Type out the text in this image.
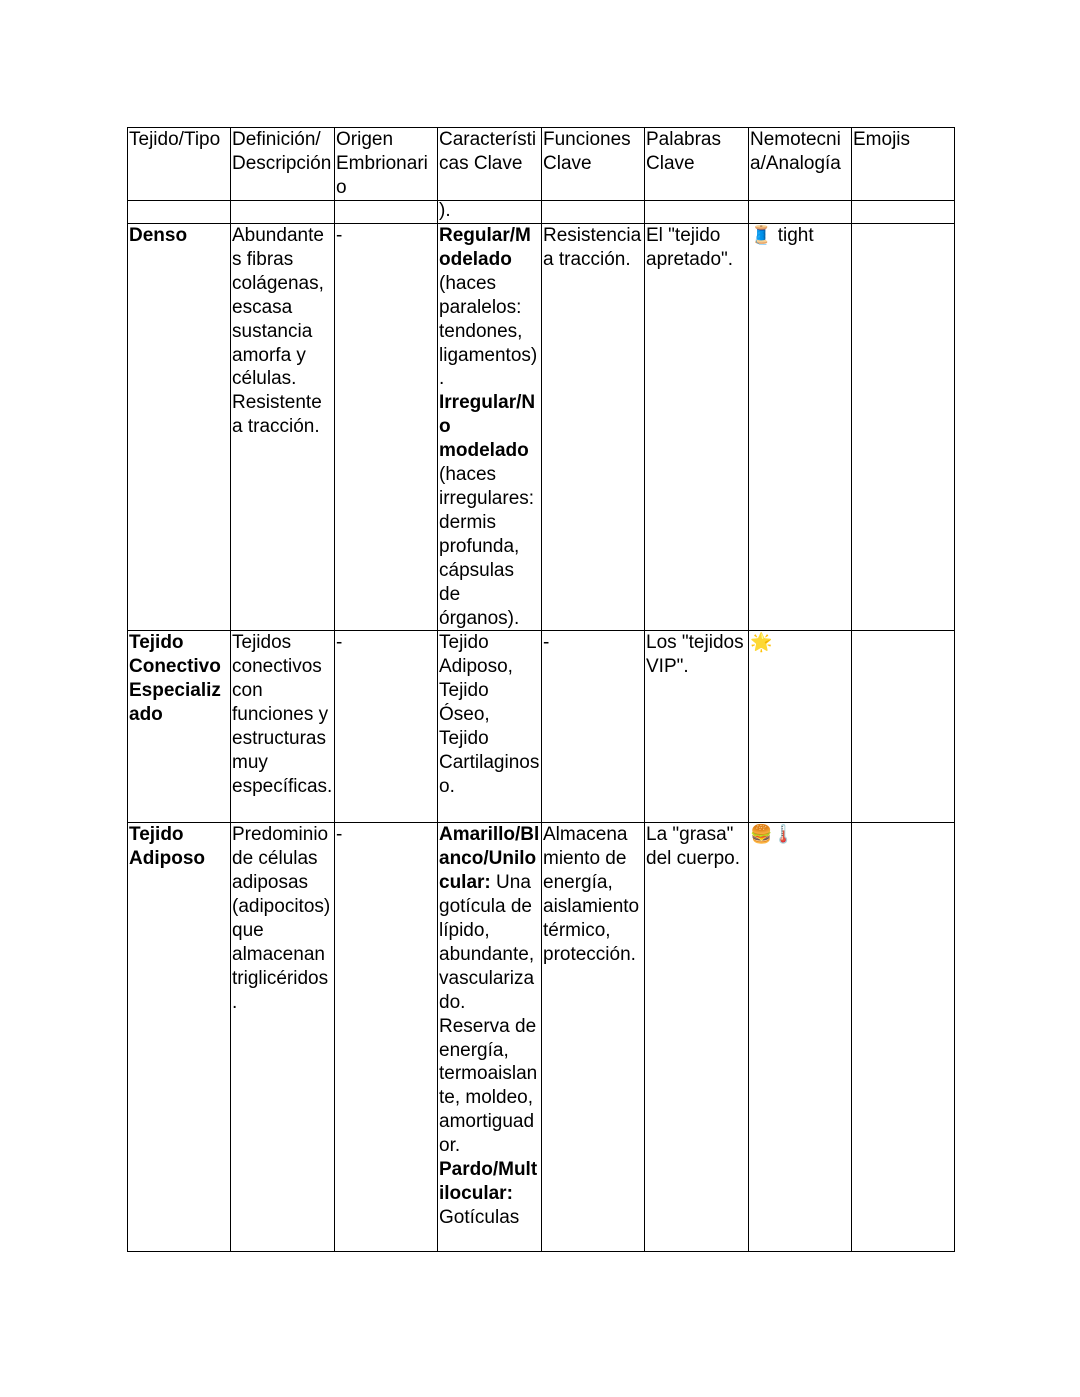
Tejido/Tipo	Definición/ Descripción	Origen Embrionario	Características Clave	Funciones Clave	Palabras Clave	Nemotecnia/Analogía	Emojis
			).				
Denso	Abundantes fibras colágenas, escasa sustancia amorfa y células. Resistente a tracción.	-	Regular/Modelado (haces paralelos: tendones, ligamentos). Irregular/No modelado (haces irregulares: dermis profunda, cápsulas de órganos).	Resistencia a tracción.	El "tejido apretado".	🧵 tight	
Tejido Conectivo Especializado	Tejidos conectivos con funciones y estructuras muy específicas.	-	Tejido Adiposo, Tejido Óseo, Tejido Cartilaginoso.	-	Los "tejidos VIP".	🌟	
Tejido Adiposo	Predominio de células adiposas (adipocitos) que almacenan triglicéridos.	-	Amarillo/Blanco/Unilocular: Una gotícula de lípido, abundante, vascularizado. Reserva de energía, termoaislante, moldeo, amortiguador. Pardo/Multilocular: Gotículas	Almacenamiento de energía, aislamiento térmico, protección.	La "grasa" del cuerpo.	🍔🌡️	
